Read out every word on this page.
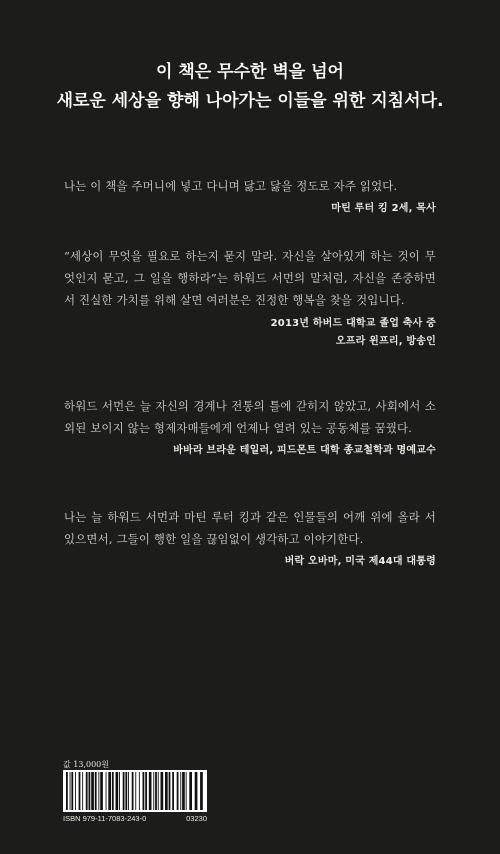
이 책은 무수한 벽을 넘어
새로운 세상을 향해 나아가는 이들을 위한 지침서다.

나는 이 책을 주머니에 넣고 다니며 닳고 닳을 정도로 자주 읽었다.

마틴 루터 킹 2세, 목사

“세상이 무엇을 필요로 하는지 묻지 말라. 자신을 살아있게 하는 것이 무엇인지 묻고, 그 일을 행하라”는 하워드 서먼의 말처럼, 자신을 존중하면서 진실한 가치를 위해 살면 여러분은 진정한 행복을 찾을 것입니다.

2013년 하버드 대학교 졸업 축사 중
오프라 윈프리, 방송인

하워드 서먼은 늘 자신의 경계나 전통의 틀에 갇히지 않았고, 사회에서 소외된 보이지 않는 형제자매들에게 언제나 열려 있는 공동체를 꿈꿨다.

바바라 브라운 테일러, 피드몬트 대학 종교철학과 명예교수

나는 늘 하워드 서먼과 마틴 루터 킹과 같은 인물들의 어깨 위에 올라 서 있으면서, 그들이 행한 일을 끊임없이 생각하고 이야기한다.

버락 오바마, 미국 제44대 대통령
값 13,000원
ISBN 979-11-7083-243-0	03230
